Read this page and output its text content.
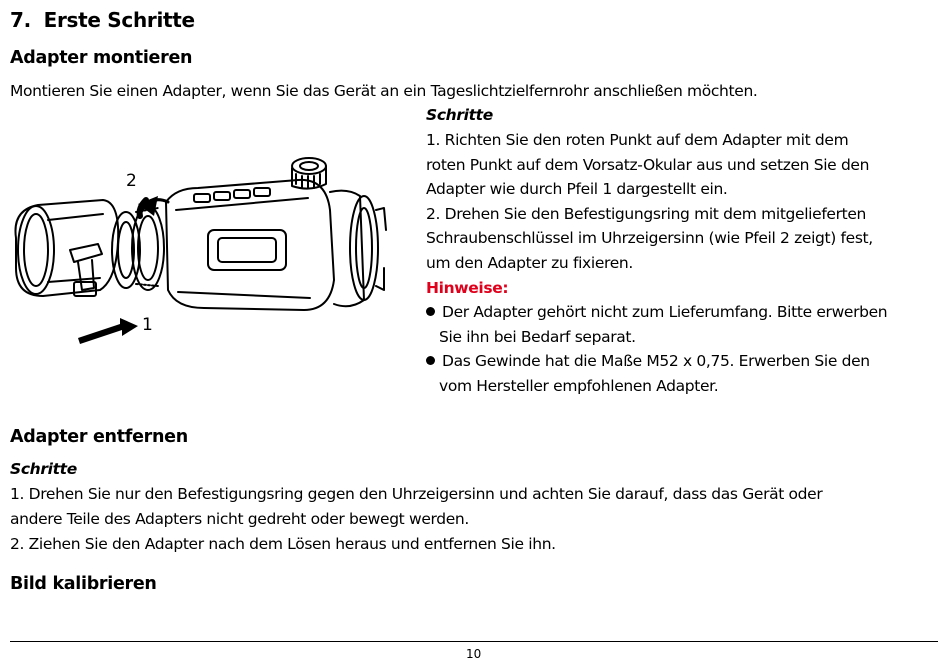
7. Erste Schritte
Adapter montieren
Montieren Sie einen Adapter, wenn Sie das Gerät an ein Tageslichtzielfernrohr anschließen möchten.
2
1
Schritte
1. Richten Sie den roten Punkt auf dem Adapter mit dem
roten Punkt auf dem Vorsatz-Okular aus und setzen Sie den
Adapter wie durch Pfeil 1 dargestellt ein.
2. Drehen Sie den Befestigungsring mit dem mitgelieferten
Schraubenschlüssel im Uhrzeigersinn (wie Pfeil 2 zeigt) fest,
um den Adapter zu fixieren.
Hinweise:
Der Adapter gehört nicht zum Lieferumfang. Bitte erwerben
Sie ihn bei Bedarf separat.
Das Gewinde hat die Maße M52 x 0,75. Erwerben Sie den
vom Hersteller empfohlenen Adapter.
Adapter entfernen
Schritte
1. Drehen Sie nur den Befestigungsring gegen den Uhrzeigersinn und achten Sie darauf, dass das Gerät oder
andere Teile des Adapters nicht gedreht oder bewegt werden.
2. Ziehen Sie den Adapter nach dem Lösen heraus und entfernen Sie ihn.
Bild kalibrieren
10
